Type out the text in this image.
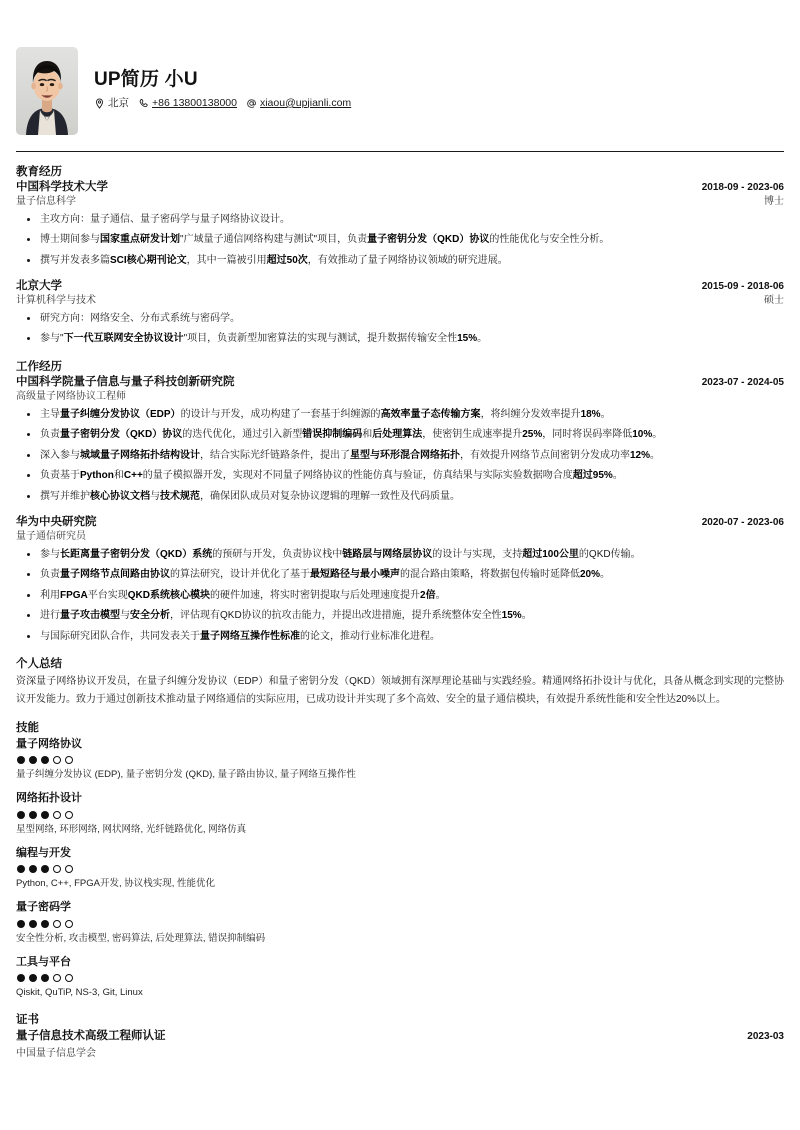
UP简历 小U
北京 +86 13800138000 xiaou@upjianli.com
教育经历
中国科学技术大学	2018-09 - 2023-06
量子信息科学	博士
主攻方向：量子通信、量子密码学与量子网络协议设计。
博士期间参与国家重点研发计划"广域量子通信网络构建与测试"项目，负责量子密钥分发（QKD）协议的性能优化与安全性分析。
撰写并发表多篇SCI核心期刊论文，其中一篇被引用超过50次，有效推动了量子网络协议领域的研究进展。
北京大学	2015-09 - 2018-06
计算机科学与技术	硕士
研究方向：网络安全、分布式系统与密码学。
参与"下一代互联网安全协议设计"项目，负责新型加密算法的实现与测试，提升数据传输安全性15%。
工作经历
中国科学院量子信息与量子科技创新研究院	2023-07 - 2024-05
高级量子网络协议工程师
主导量子纠缠分发协议（EDP）的设计与开发，成功构建了一套基于纠缠源的高效率量子态传输方案，将纠缠分发效率提升18%。
负责量子密钥分发（QKD）协议的迭代优化，通过引入新型错误抑制编码和后处理算法，使密钥生成速率提升25%，同时将误码率降低10%。
深入参与城域量子网络拓扑结构设计，结合实际光纤链路条件，提出了星型与环形混合网络拓扑，有效提升网络节点间密钥分发成功率12%。
负责基于Python和C++的量子模拟器开发，实现对不同量子网络协议的性能仿真与验证，仿真结果与实际实验数据吻合度超过95%。
撰写并维护核心协议文档与技术规范，确保团队成员对复杂协议逻辑的理解一致性及代码质量。
华为中央研究院	2020-07 - 2023-06
量子通信研究员
参与长距离量子密钥分发（QKD）系统的预研与开发，负责协议栈中链路层与网络层协议的设计与实现，支持超过100公里的QKD传输。
负责量子网络节点间路由协议的算法研究，设计并优化了基于最短路径与最小噪声的混合路由策略，将数据包传输时延降低20%。
利用FPGA平台实现QKD系统核心模块的硬件加速，将实时密钥提取与后处理速度提升2倍。
进行量子攻击模型与安全分析，评估现有QKD协议的抗攻击能力，并提出改进措施，提升系统整体安全性15%。
与国际研究团队合作，共同发表关于量子网络互操作性标准的论文，推动行业标准化进程。
个人总结
资深量子网络协议开发员，在量子纠缠分发协议（EDP）和量子密钥分发（QKD）领域拥有深厚理论基础与实践经验。精通网络拓扑设计与优化，具备从概念到实现的完整协议开发能力。致力于通过创新技术推动量子网络通信的实际应用，已成功设计并实现了多个高效、安全的量子通信模块，有效提升系统性能和安全性达20%以上。
技能
量子网络协议
量子纠缠分发协议 (EDP), 量子密钥分发 (QKD), 量子路由协议, 量子网络互操作性
网络拓扑设计
星型网络, 环形网络, 网状网络, 光纤链路优化, 网络仿真
编程与开发
Python, C++, FPGA开发, 协议栈实现, 性能优化
量子密码学
安全性分析, 攻击模型, 密码算法, 后处理算法, 错误抑制编码
工具与平台
Qiskit, QuTiP, NS-3, Git, Linux
证书
量子信息技术高级工程师认证	2023-03
中国量子信息学会
